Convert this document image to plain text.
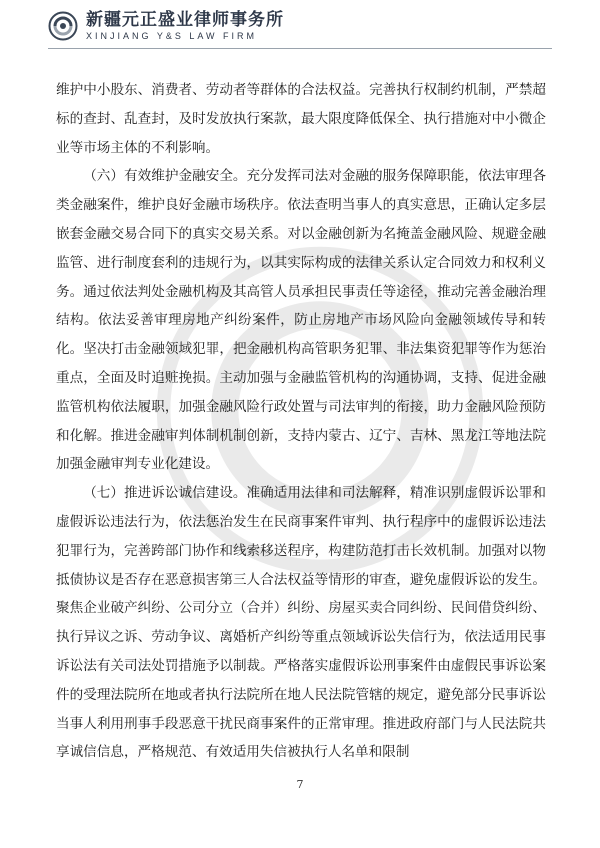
新疆元正盛业律师事务所
XINJIANG Y&S LAW FIRM

维护中小股东、消费者、劳动者等群体的合法权益。完善执行权制约机制，严禁超标的查封、乱查封，及时发放执行案款，最大限度降低保全、执行措施对中小微企业等市场主体的不利影响。

（六）有效维护金融安全。充分发挥司法对金融的服务保障职能，依法审理各类金融案件，维护良好金融市场秩序。依法查明当事人的真实意思，正确认定多层嵌套金融交易合同下的真实交易关系。对以金融创新为名掩盖金融风险、规避金融监管、进行制度套利的违规行为，以其实际构成的法律关系认定合同效力和权利义务。通过依法判处金融机构及其高管人员承担民事责任等途径，推动完善金融治理结构。依法妥善审理房地产纠纷案件，防止房地产市场风险向金融领域传导和转化。坚决打击金融领域犯罪，把金融机构高管职务犯罪、非法集资犯罪等作为惩治重点，全面及时追赃挽损。主动加强与金融监管机构的沟通协调，支持、促进金融监管机构依法履职，加强金融风险行政处置与司法审判的衔接，助力金融风险预防和化解。推进金融审判体制机制创新，支持内蒙古、辽宁、吉林、黑龙江等地法院加强金融审判专业化建设。

（七）推进诉讼诚信建设。准确适用法律和司法解释，精准识别虚假诉讼罪和虚假诉讼违法行为，依法惩治发生在民商事案件审判、执行程序中的虚假诉讼违法犯罪行为，完善跨部门协作和线索移送程序，构建防范打击长效机制。加强对以物抵债协议是否存在恶意损害第三人合法权益等情形的审查，避免虚假诉讼的发生。聚焦企业破产纠纷、公司分立（合并）纠纷、房屋买卖合同纠纷、民间借贷纠纷、执行异议之诉、劳动争议、离婚析产纠纷等重点领域诉讼失信行为，依法适用民事诉讼法有关司法处罚措施予以制裁。严格落实虚假诉讼刑事案件由虚假民事诉讼案件的受理法院所在地或者执行法院所在地人民法院管辖的规定，避免部分民事诉讼当事人利用刑事手段恶意干扰民商事案件的正常审理。推进政府部门与人民法院共享诚信信息，严格规范、有效适用失信被执行人名单和限制

7
